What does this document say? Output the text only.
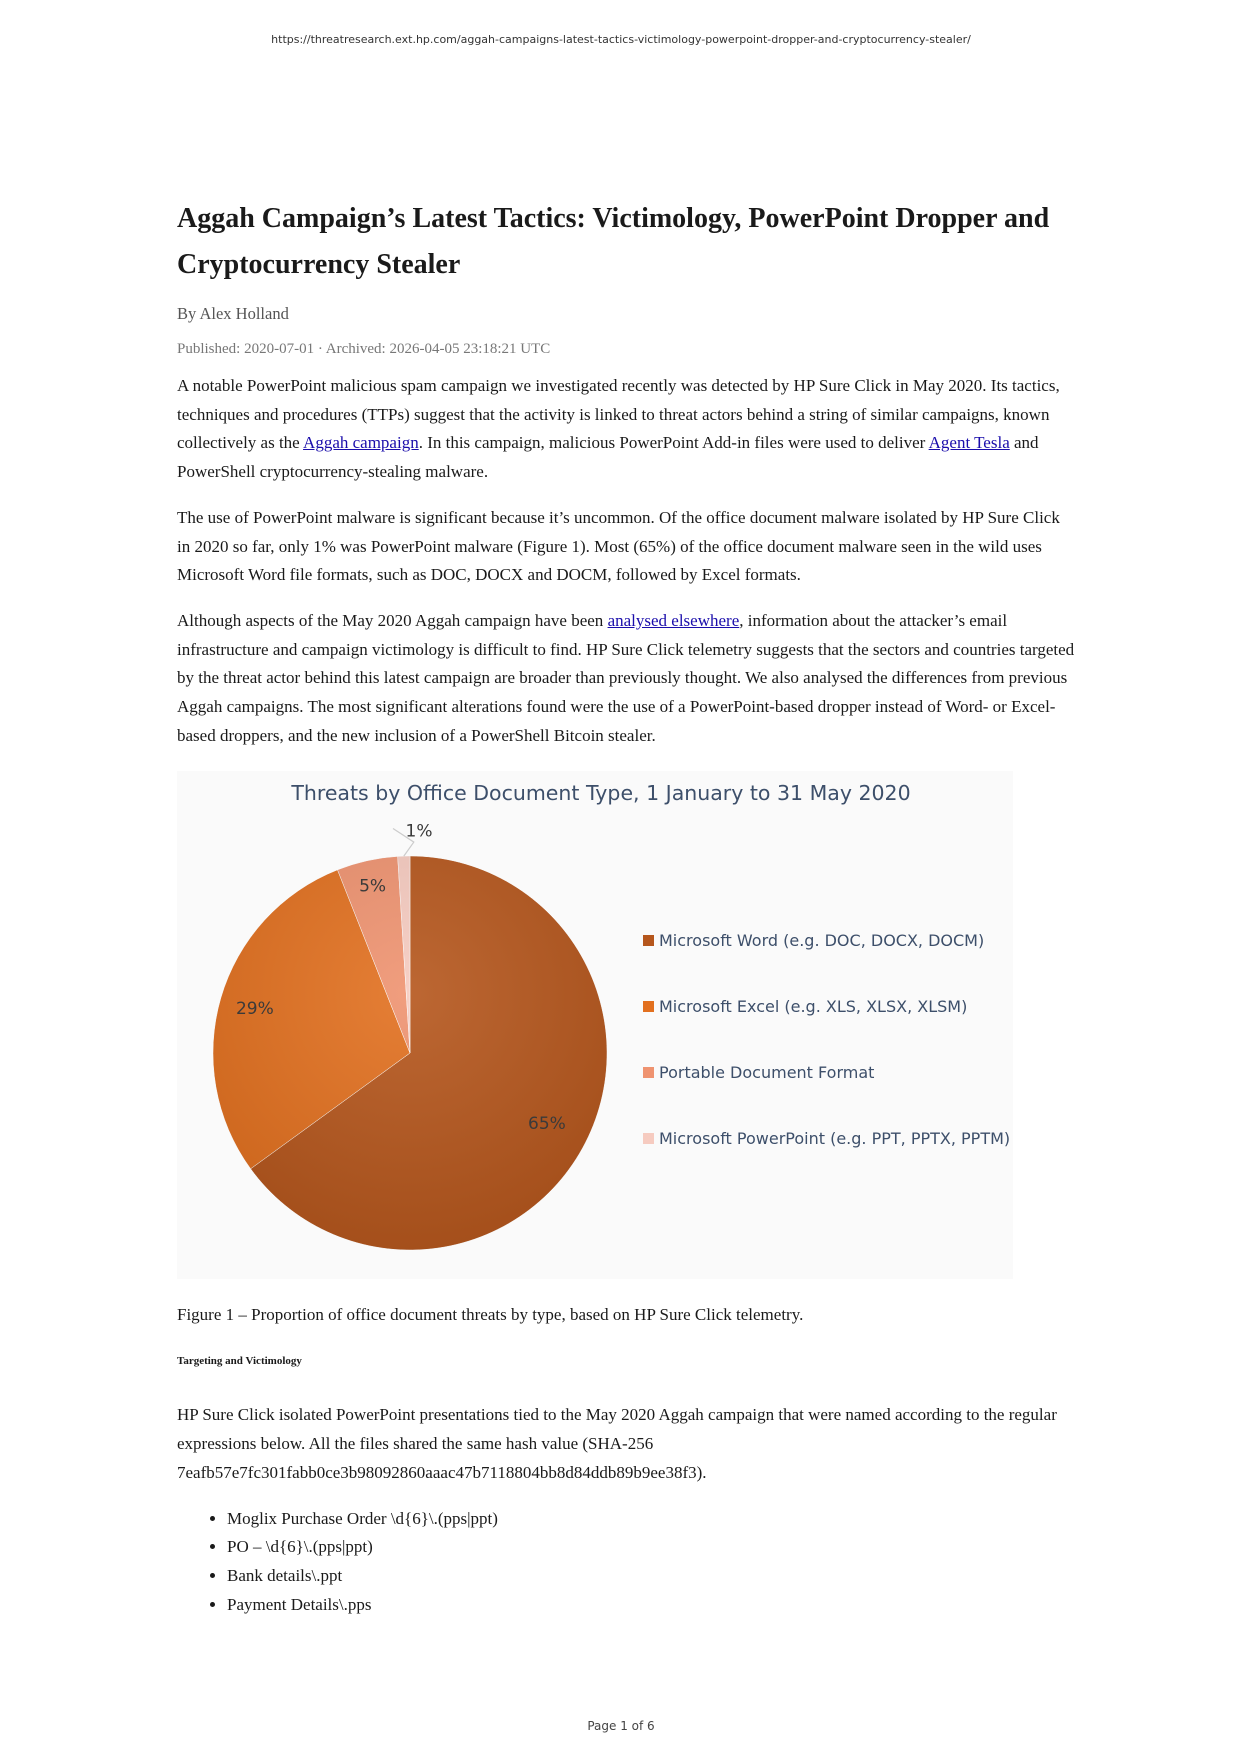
https://threatresearch.ext.hp.com/aggah-campaigns-latest-tactics-victimology-powerpoint-dropper-and-cryptocurrency-stealer/
Aggah Campaign’s Latest Tactics: Victimology, PowerPoint Dropper and Cryptocurrency Stealer
By Alex Holland
Published: 2020-07-01 · Archived: 2026-04-05 23:18:21 UTC

A notable PowerPoint malicious spam campaign we investigated recently was detected by HP Sure Click in May 2020. Its tactics, techniques and procedures (TTPs) suggest that the activity is linked to threat actors behind a string of similar campaigns, known collectively as the Aggah campaign. In this campaign, malicious PowerPoint Add-in files were used to deliver Agent Tesla and PowerShell cryptocurrency-stealing malware.

The use of PowerPoint malware is significant because it’s uncommon. Of the office document malware isolated by HP Sure Click in 2020 so far, only 1% was PowerPoint malware (Figure 1). Most (65%) of the office document malware seen in the wild uses Microsoft Word file formats, such as DOC, DOCX and DOCM, followed by Excel formats.

Although aspects of the May 2020 Aggah campaign have been analysed elsewhere, information about the attacker’s email infrastructure and campaign victimology is difficult to find. HP Sure Click telemetry suggests that the sectors and countries targeted by the threat actor behind this latest campaign are broader than previously thought. We also analysed the differences from previous Aggah campaigns. The most significant alterations found were the use of a PowerPoint-based dropper instead of Word- or Excel-based droppers, and the new inclusion of a PowerShell Bitcoin stealer.

Threats by Office Document Type, 1 January to 31 May 2020
65%
29%
5%
1%
Microsoft Word (e.g. DOC, DOCX, DOCM)
Microsoft Excel (e.g. XLS, XLSX, XLSM)
Portable Document Format
Microsoft PowerPoint (e.g. PPT, PPTX, PPTM)
Figure 1 – Proportion of office document threats by type, based on HP Sure Click telemetry.
Targeting and Victimology

HP Sure Click isolated PowerPoint presentations tied to the May 2020 Aggah campaign that were named according to the regular expressions below. All the files shared the same hash value (SHA-256 7eafb57e7fc301fabb0ce3b98092860aaac47b7118804bb8d84ddb89b9ee38f3).

• Moglix Purchase Order \d{6}\.(pps|ppt)
• PO – \d{6}\.(pps|ppt)
• Bank details\.ppt
• Payment Details\.pps
Page 1 of 6
